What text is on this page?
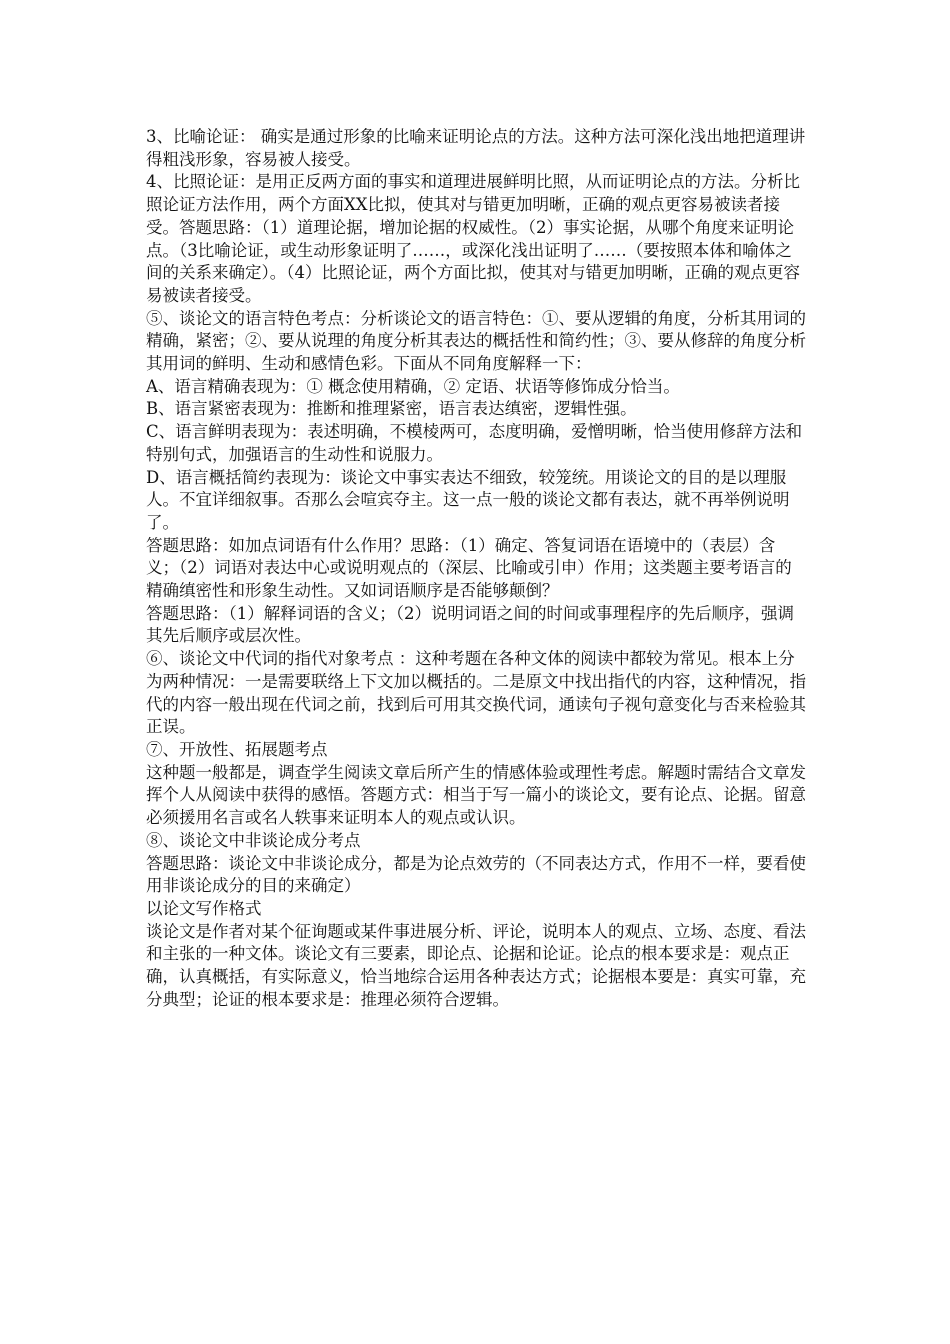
3、比喻论证： 确实是通过形象的比喻来证明论点的方法。这种方法可深化浅出地把道理讲得粗浅形象，容易被人接受。

4、比照论证：是用正反两方面的事实和道理进展鲜明比照，从而证明论点的方法。分析比照论证方法作用，两个方面XX比拟，使其对与错更加明晰，正确的观点更容易被读者接受。答题思路：（1）道理论据，增加论据的权威性。（2）事实论据，从哪个角度来证明论点。（3比喻论证，或生动形象证明了……，或深化浅出证明了……（要按照本体和喻体之间的关系来确定）。（4）比照论证，两个方面比拟，使其对与错更加明晰，正确的观点更容易被读者接受。

⑤、谈论文的语言特色考点：分析谈论文的语言特色：①、要从逻辑的角度，分析其用词的精确，紧密；②、要从说理的角度分析其表达的概括性和简约性；③、要从修辞的角度分析其用词的鲜明、生动和感情色彩。下面从不同角度解释一下：

A、语言精确表现为：① 概念使用精确，② 定语、状语等修饰成分恰当。

B、语言紧密表现为：推断和推理紧密，语言表达缜密，逻辑性强。

C、语言鲜明表现为：表述明确，不模棱两可，态度明确，爱憎明晰，恰当使用修辞方法和特别句式，加强语言的生动性和说服力。

D、语言概括简约表现为：谈论文中事实表达不细致，较笼统。用谈论文的目的是以理服人。不宜详细叙事。否那么会喧宾夺主。这一点一般的谈论文都有表达，就不再举例说明了。

答题思路：如加点词语有什么作用？思路：（1）确定、答复词语在语境中的（表层）含义；（2）词语对表达中心或说明观点的（深层、比喻或引申）作用；这类题主要考语言的精确缜密性和形象生动性。又如词语顺序是否能够颠倒？

答题思路：（1）解释词语的含义；（2）说明词语之间的时间或事理程序的先后顺序，强调其先后顺序或层次性。

⑥、谈论文中代词的指代对象考点 ：这种考题在各种文体的阅读中都较为常见。根本上分为两种情况：一是需要联络上下文加以概括的。二是原文中找出指代的内容，这种情况，指代的内容一般出现在代词之前，找到后可用其交换代词，通读句子视句意变化与否来检验其正误。

⑦、开放性、拓展题考点

这种题一般都是，调查学生阅读文章后所产生的情感体验或理性考虑。解题时需结合文章发挥个人从阅读中获得的感悟。答题方式：相当于写一篇小的谈论文，要有论点、论据。留意必须援用名言或名人轶事来证明本人的观点或认识。

⑧、谈论文中非谈论成分考点

答题思路：谈论文中非谈论成分，都是为论点效劳的（不同表达方式，作用不一样，要看使用非谈论成分的目的来确定）

以论文写作格式

谈论文是作者对某个征询题或某件事进展分析、评论，说明本人的观点、立场、态度、看法和主张的一种文体。谈论文有三要素，即论点、论据和论证。论点的根本要求是：观点正确，认真概括，有实际意义，恰当地综合运用各种表达方式；论据根本要是：真实可靠，充分典型；论证的根本要求是：推理必须符合逻辑。
